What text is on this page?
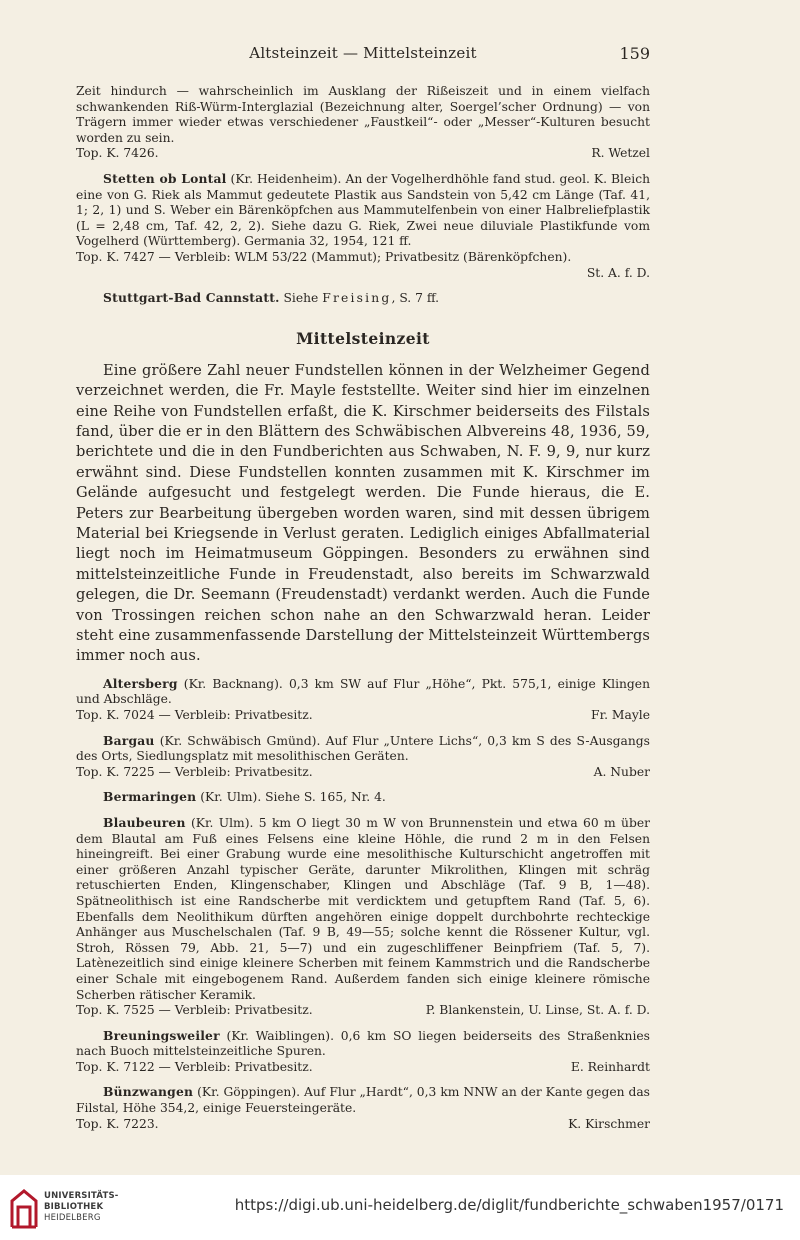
Altsteinzeit — Mittelsteinzeit	159

Zeit hindurch — wahrscheinlich im Ausklang der Rißeiszeit und in einem vielfach schwankenden Riß-Würm-Interglazial (Bezeichnung alter, Soergel’scher Ordnung) — von Trägern immer wieder etwas verschiedener „Faustkeil“- oder „Messer“-Kulturen besucht worden zu sein.

Top. K. 7426.	R. Wetzel

Stetten ob Lontal (Kr. Heidenheim). An der Vogelherdhöhle fand stud. geol. K. Bleich eine von G. Riek als Mammut gedeutete Plastik aus Sandstein von 5,42 cm Länge (Taf. 41, 1; 2, 1) und S. Weber ein Bärenköpfchen aus Mammutelfenbein von einer Halbreliefplastik (L = 2,48 cm, Taf. 42, 2, 2). Siehe dazu G. Riek, Zwei neue diluviale Plastikfunde vom Vogelherd (Württemberg). Germania 32, 1954, 121 ff.

Top. K. 7427 — Verbleib: WLM 53/22 (Mammut); Privatbesitz (Bärenköpfchen).

St. A. f. D.

Stuttgart-Bad Cannstatt. Siehe Freising, S. 7 ff.

Mittelsteinzeit

Eine größere Zahl neuer Fundstellen können in der Welzheimer Gegend verzeichnet werden, die Fr. Mayle feststellte. Weiter sind hier im einzelnen eine Reihe von Fundstellen erfaßt, die K. Kirschmer beiderseits des Filstals fand, über die er in den Blättern des Schwäbischen Albvereins 48, 1936, 59, berichtete und die in den Fundberichten aus Schwaben, N. F. 9, 9, nur kurz erwähnt sind. Diese Fundstellen konnten zusammen mit K. Kirschmer im Gelände aufgesucht und festgelegt werden. Die Funde hieraus, die E. Peters zur Bearbeitung übergeben worden waren, sind mit dessen übrigem Material bei Kriegsende in Verlust geraten. Lediglich einiges Abfallmaterial liegt noch im Heimatmuseum Göppingen. Besonders zu erwähnen sind mittelsteinzeitliche Funde in Freudenstadt, also bereits im Schwarzwald gelegen, die Dr. Seemann (Freudenstadt) verdankt werden. Auch die Funde von Trossingen reichen schon nahe an den Schwarzwald heran. Leider steht eine zusammenfassende Darstellung der Mittelsteinzeit Württembergs immer noch aus.

Altersberg (Kr. Backnang). 0,3 km SW auf Flur „Höhe“, Pkt. 575,1, einige Klingen und Abschläge.

Top. K. 7024 — Verbleib: Privatbesitz.	Fr. Mayle

Bargau (Kr. Schwäbisch Gmünd). Auf Flur „Untere Lichs“, 0,3 km S des S-Ausgangs des Orts, Siedlungsplatz mit mesolithischen Geräten.

Top. K. 7225 — Verbleib: Privatbesitz.	A. Nuber

Bermaringen (Kr. Ulm). Siehe S. 165, Nr. 4.

Blaubeuren (Kr. Ulm). 5 km O liegt 30 m W von Brunnenstein und etwa 60 m über dem Blautal am Fuß eines Felsens eine kleine Höhle, die rund 2 m in den Felsen hineingreift. Bei einer Grabung wurde eine mesolithische Kulturschicht angetroffen mit einer größeren Anzahl typischer Geräte, darunter Mikrolithen, Klingen mit schräg retuschierten Enden, Klingenschaber, Klingen und Abschläge (Taf. 9 B, 1—48). Spätneolithisch ist eine Randscherbe mit verdicktem und getupftem Rand (Taf. 5, 6). Ebenfalls dem Neolithikum dürften angehören einige doppelt durchbohrte rechteckige Anhänger aus Muschelschalen (Taf. 9 B, 49—55; solche kennt die Rössener Kultur, vgl. Stroh, Rössen 79, Abb. 21, 5—7) und ein zugeschliffener Beinpfriem (Taf. 5, 7). Latènezeitlich sind einige kleinere Scherben mit feinem Kammstrich und die Randscherbe einer Schale mit eingebogenem Rand. Außerdem fanden sich einige kleinere römische Scherben rätischer Keramik.

Top. K. 7525 — Verbleib: Privatbesitz.	P. Blankenstein, U. Linse, St. A. f. D.

Breuningsweiler (Kr. Waiblingen). 0,6 km SO liegen beiderseits des Straßenknies nach Buoch mittelsteinzeitliche Spuren.

Top. K. 7122 — Verbleib: Privatbesitz.	E. Reinhardt

Bünzwangen (Kr. Göppingen). Auf Flur „Hardt“, 0,3 km NNW an der Kante gegen das Filstal, Höhe 354,2, einige Feuersteingeräte.

Top. K. 7223.	K. Kirschmer
UNIVERSITÄTS-
BIBLIOTHEK
HEIDELBERG
https://digi.ub.uni-heidelberg.de/diglit/fundberichte_schwaben1957/0171
